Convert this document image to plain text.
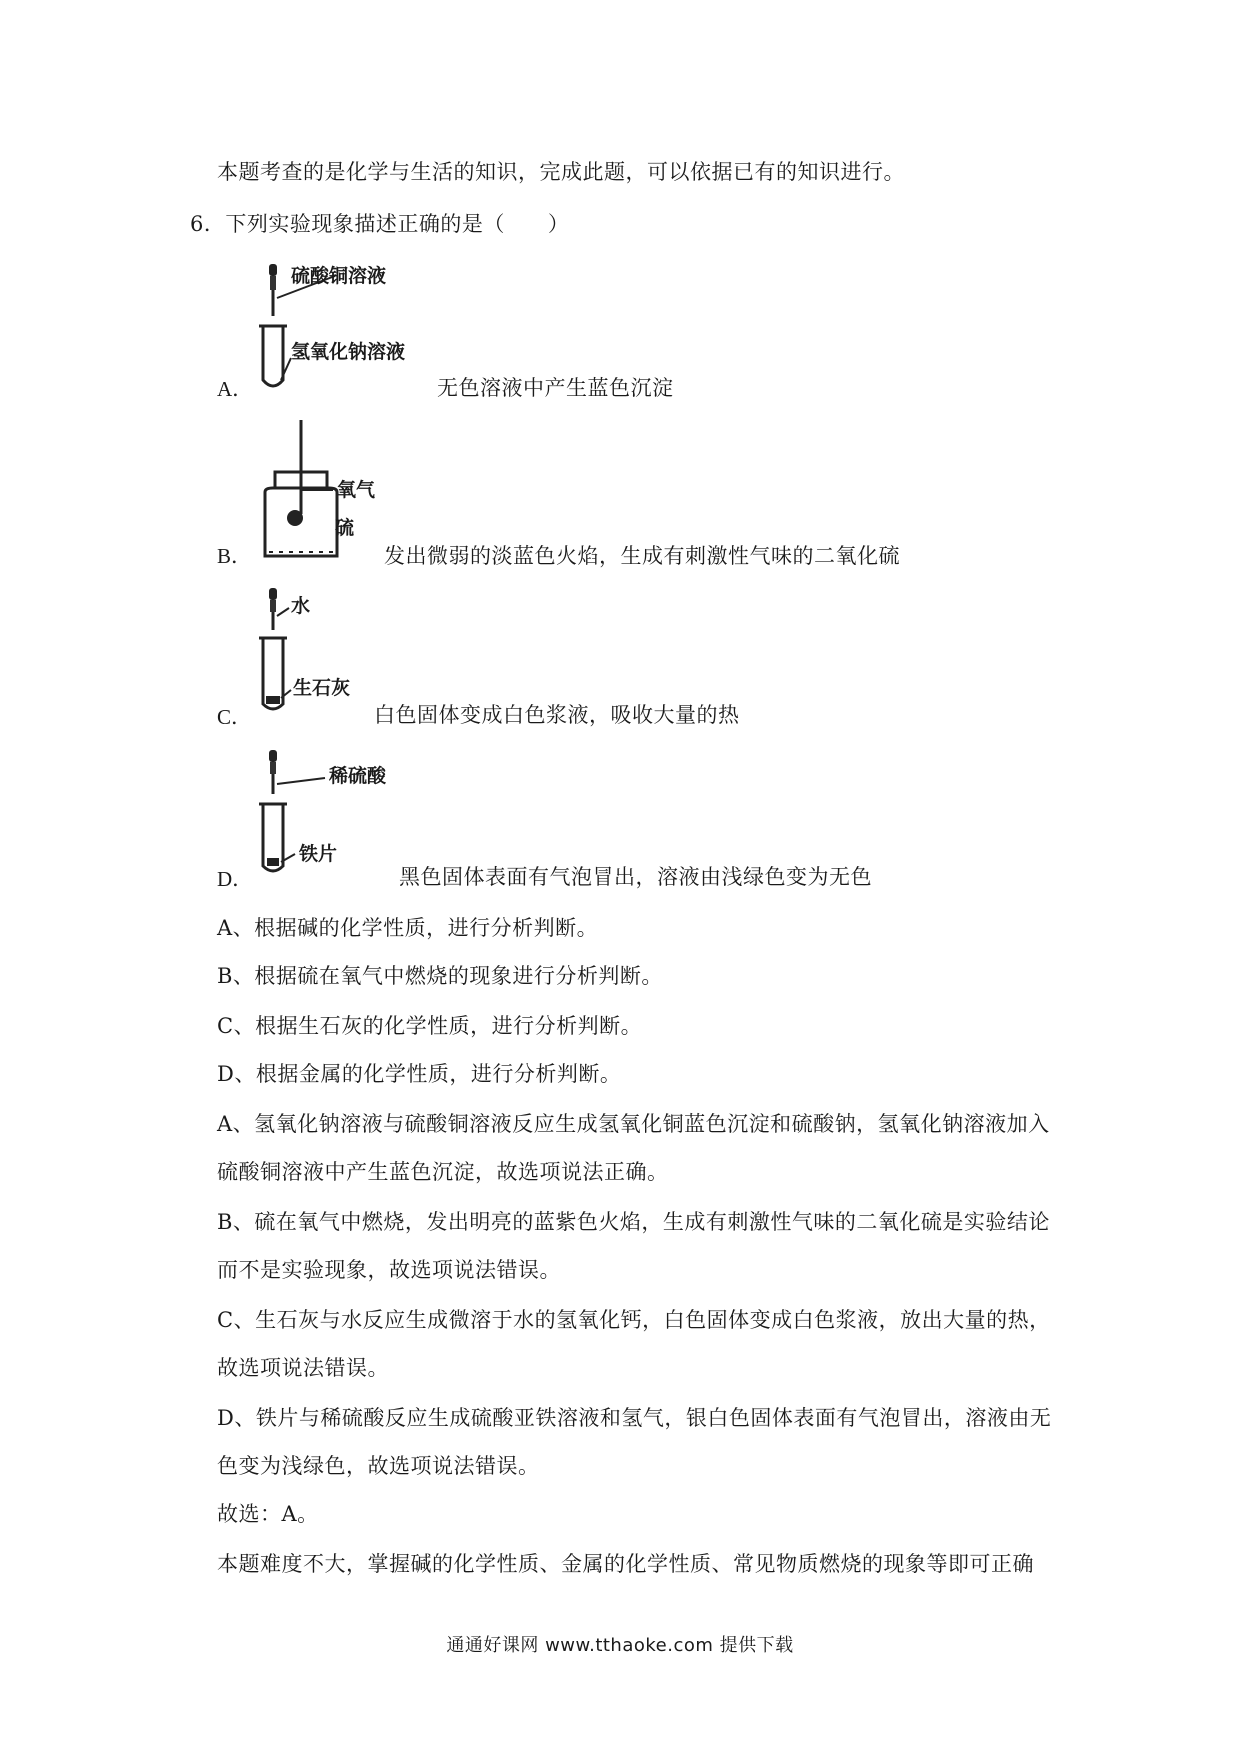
本题考查的是化学与生活的知识，完成此题，可以依据已有的知识进行。
6．下列实验现象描述正确的是（　　）
硫酸铜溶液
氢氧化钠溶液
A．	无色溶液中产生蓝色沉淀
氧气
硫
B．	发出微弱的淡蓝色火焰，生成有刺激性气味的二氧化硫
水
生石灰
C．	白色固体变成白色浆液，吸收大量的热
稀硫酸
铁片
D．	黑色固体表面有气泡冒出，溶液由浅绿色变为无色
A、根据碱的化学性质，进行分析判断。
B、根据硫在氧气中燃烧的现象进行分析判断。
C、根据生石灰的化学性质，进行分析判断。
D、根据金属的化学性质，进行分析判断。
A、氢氧化钠溶液与硫酸铜溶液反应生成氢氧化铜蓝色沉淀和硫酸钠，氢氧化钠溶液加入
硫酸铜溶液中产生蓝色沉淀，故选项说法正确。
B、硫在氧气中燃烧，发出明亮的蓝紫色火焰，生成有刺激性气味的二氧化硫是实验结论
而不是实验现象，故选项说法错误。
C、生石灰与水反应生成微溶于水的氢氧化钙，白色固体变成白色浆液，放出大量的热，
故选项说法错误。
D、铁片与稀硫酸反应生成硫酸亚铁溶液和氢气，银白色固体表面有气泡冒出，溶液由无
色变为浅绿色，故选项说法错误。
故选：A。
本题难度不大，掌握碱的化学性质、金属的化学性质、常见物质燃烧的现象等即可正确
通通好课网 www.tthaoke.com 提供下载
